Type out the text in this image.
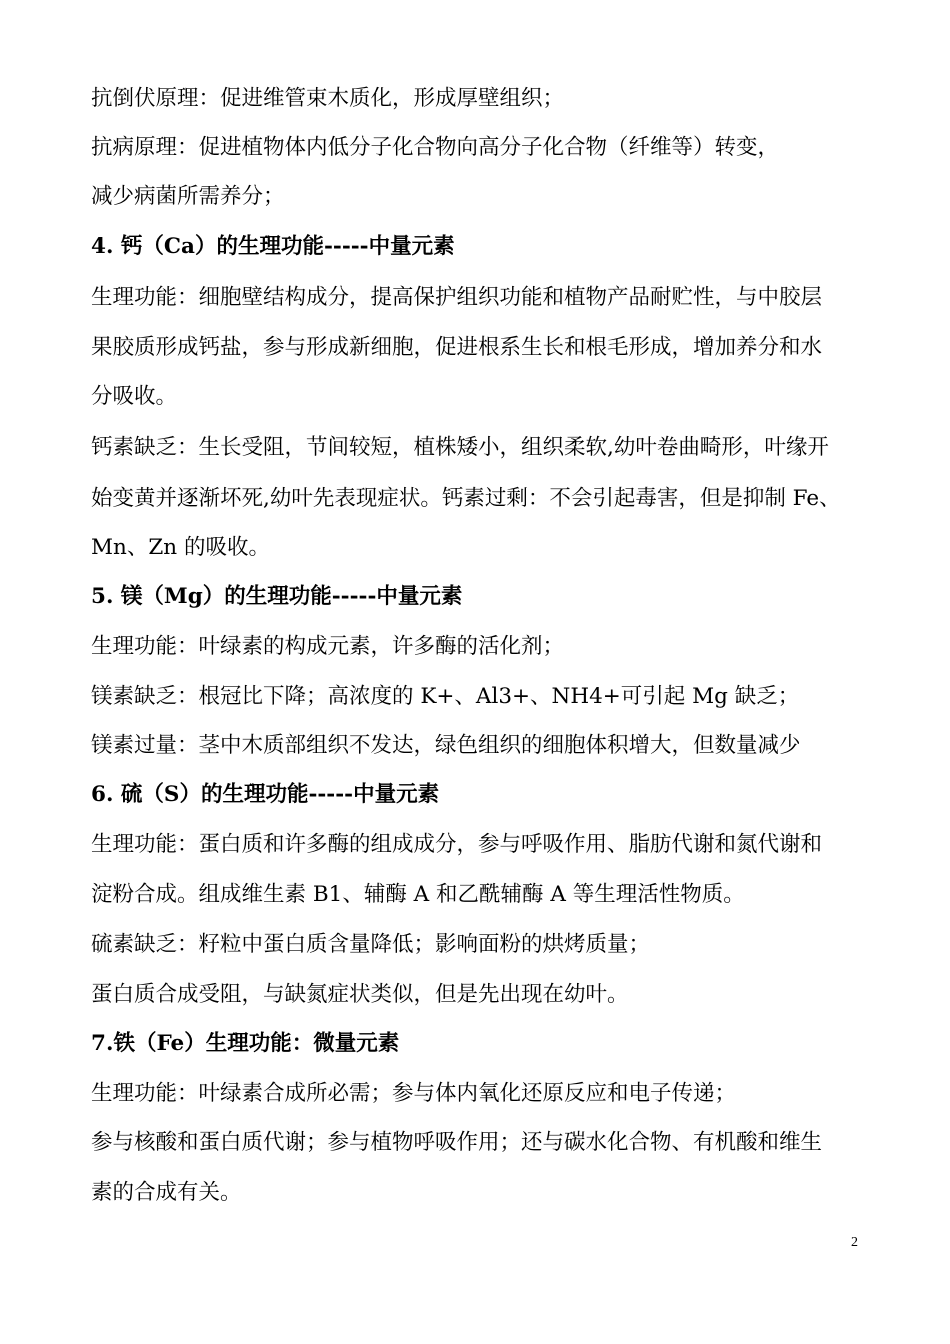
抗倒伏原理：促进维管束木质化，形成厚壁组织；
抗病原理：促进植物体内低分子化合物向高分子化合物（纤维等）转变，
减少病菌所需养分；
4. 钙（Ca）的生理功能-----中量元素
生理功能：细胞壁结构成分，提高保护组织功能和植物产品耐贮性，与中胶层
果胶质形成钙盐，参与形成新细胞，促进根系生长和根毛形成，增加养分和水
分吸收。
钙素缺乏：生长受阻，节间较短，植株矮小，组织柔软,幼叶卷曲畸形，叶缘开
始变黄并逐渐坏死,幼叶先表现症状。钙素过剩：不会引起毒害，但是抑制 Fe、
Mn、Zn 的吸收。
5. 镁（Mg）的生理功能-----中量元素
生理功能：叶绿素的构成元素，许多酶的活化剂；
镁素缺乏：根冠比下降；高浓度的 K+、Al3+、NH4+可引起 Mg 缺乏；
镁素过量：茎中木质部组织不发达，绿色组织的细胞体积增大，但数量减少
6. 硫（S）的生理功能-----中量元素
生理功能：蛋白质和许多酶的组成成分，参与呼吸作用、脂肪代谢和氮代谢和
淀粉合成。组成维生素 B1、辅酶 A 和乙酰辅酶 A 等生理活性物质。
硫素缺乏：籽粒中蛋白质含量降低；影响面粉的烘烤质量；
蛋白质合成受阻，与缺氮症状类似，但是先出现在幼叶。
7.铁（Fe）生理功能：微量元素
生理功能：叶绿素合成所必需；参与体内氧化还原反应和电子传递；
参与核酸和蛋白质代谢；参与植物呼吸作用；还与碳水化合物、有机酸和维生
素的合成有关。
2
